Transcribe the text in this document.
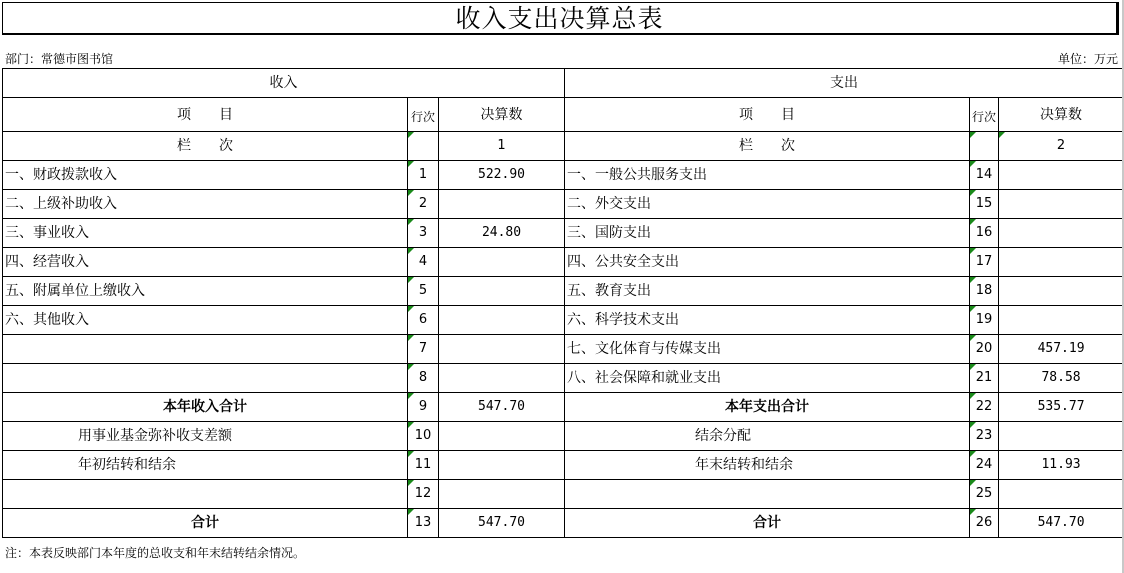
收入支出决算总表
部门：常德市图书馆	单位：万元
收入			支出		
项　　目	行次	决算数	项　　目	行次	决算数
栏　　次		1	栏　　次		2
一、财政拨款收入	1	522.90	一、一般公共服务支出	14	
二、上级补助收入	2		二、外交支出	15	
三、事业收入	3	24.80	三、国防支出	16	
四、经营收入	4		四、公共安全支出	17	
五、附属单位上缴收入	5		五、教育支出	18	
六、其他收入	6		六、科学技术支出	19	
	7		七、文化体育与传媒支出	20	457.19
	8		八、社会保障和就业支出	21	78.58
本年收入合计	9	547.70	本年支出合计	22	535.77
用事业基金弥补收支差额	10		结余分配	23	
年初结转和结余	11		年末结转和结余	24	11.93
	12			25	
合计	13	547.70	合计	26	547.70
注：本表反映部门本年度的总收支和年末结转结余情况。
